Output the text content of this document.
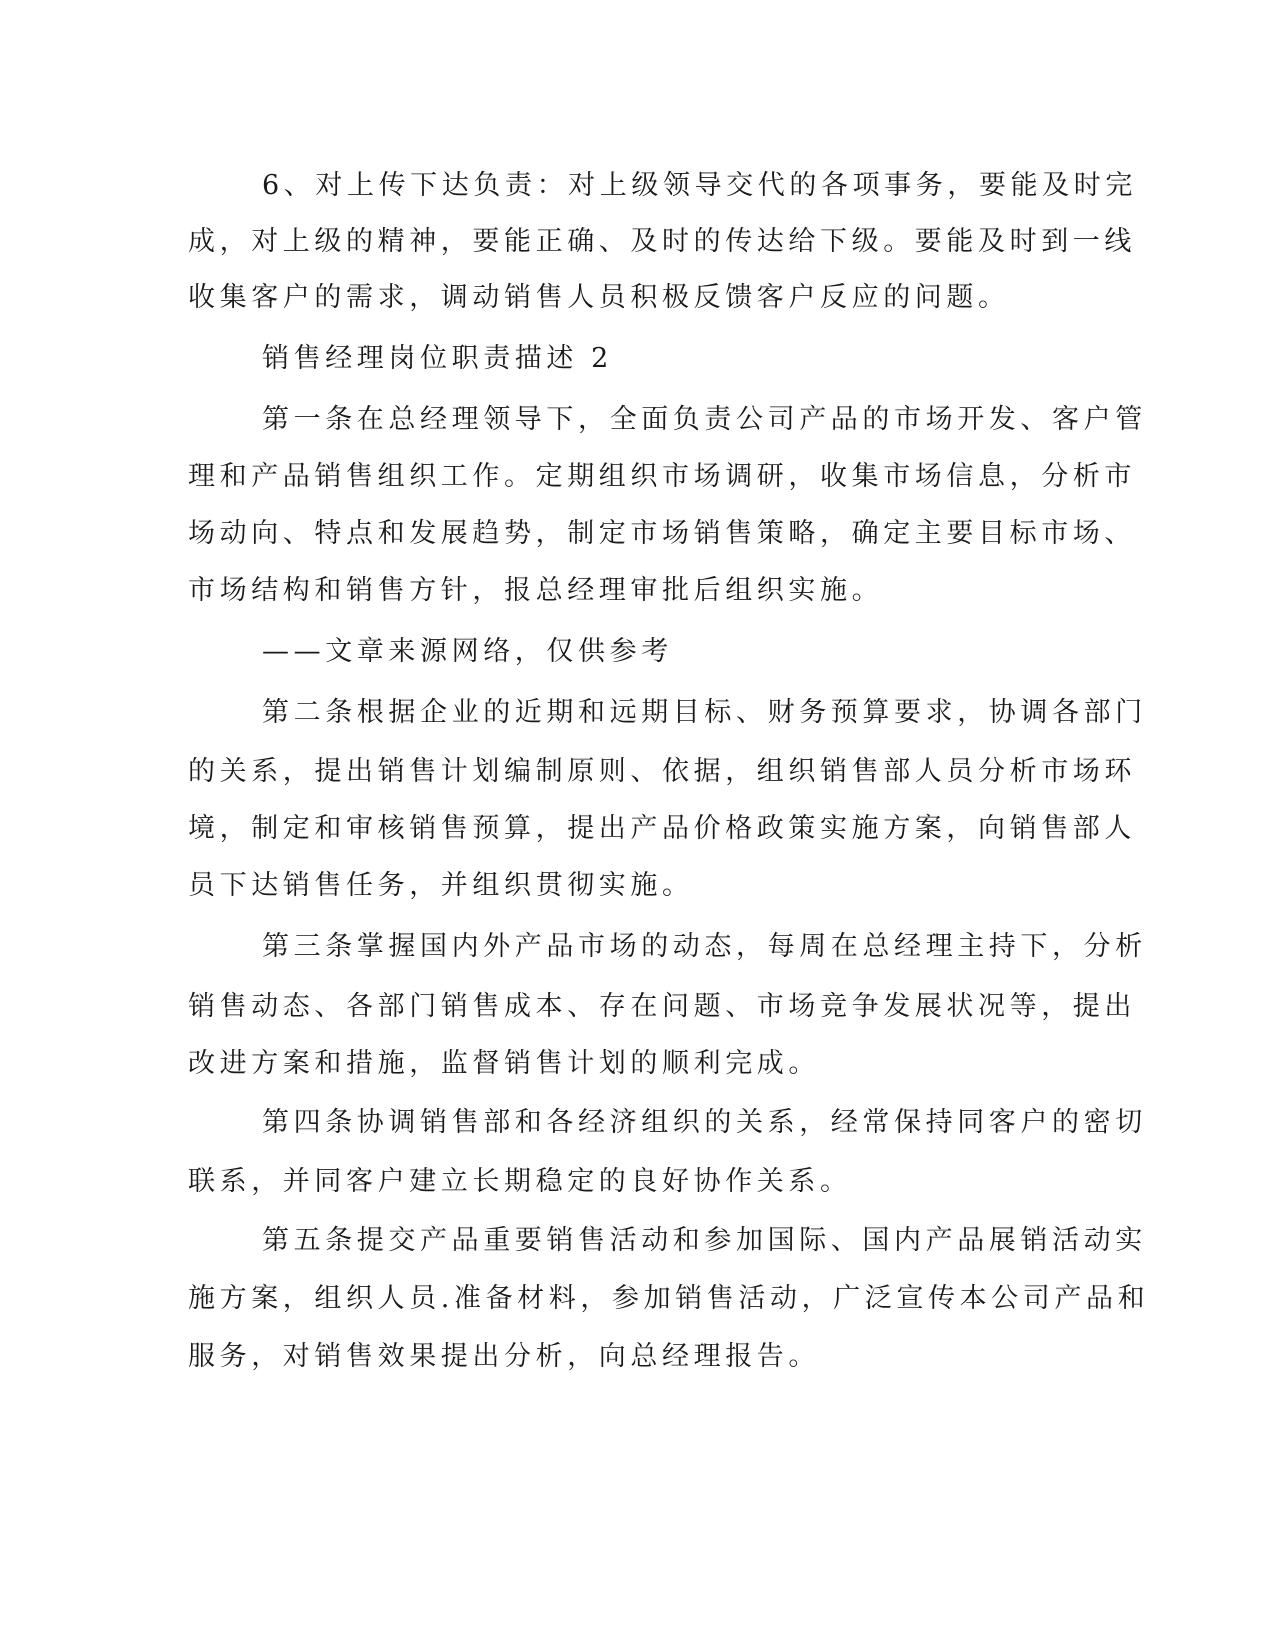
6、对上传下达负责：对上级领导交代的各项事务，要能及时完
成，对上级的精神，要能正确、及时的传达给下级。要能及时到一线
收集客户的需求，调动销售人员积极反馈客户反应的问题。
销售经理岗位职责描述 2
第一条在总经理领导下，全面负责公司产品的市场开发、客户管
理和产品销售组织工作。定期组织市场调研，收集市场信息，分析市
场动向、特点和发展趋势，制定市场销售策略，确定主要目标市场、
市场结构和销售方针，报总经理审批后组织实施。
——文章来源网络，仅供参考
第二条根据企业的近期和远期目标、财务预算要求，协调各部门
的关系，提出销售计划编制原则、依据，组织销售部人员分析市场环
境，制定和审核销售预算，提出产品价格政策实施方案，向销售部人
员下达销售任务，并组织贯彻实施。
第三条掌握国内外产品市场的动态，每周在总经理主持下，分析
销售动态、各部门销售成本、存在问题、市场竞争发展状况等，提出
改进方案和措施，监督销售计划的顺利完成。
第四条协调销售部和各经济组织的关系，经常保持同客户的密切
联系，并同客户建立长期稳定的良好协作关系。
第五条提交产品重要销售活动和参加国际、国内产品展销活动实
施方案，组织人员.准备材料，参加销售活动，广泛宣传本公司产品和
服务，对销售效果提出分析，向总经理报告。
